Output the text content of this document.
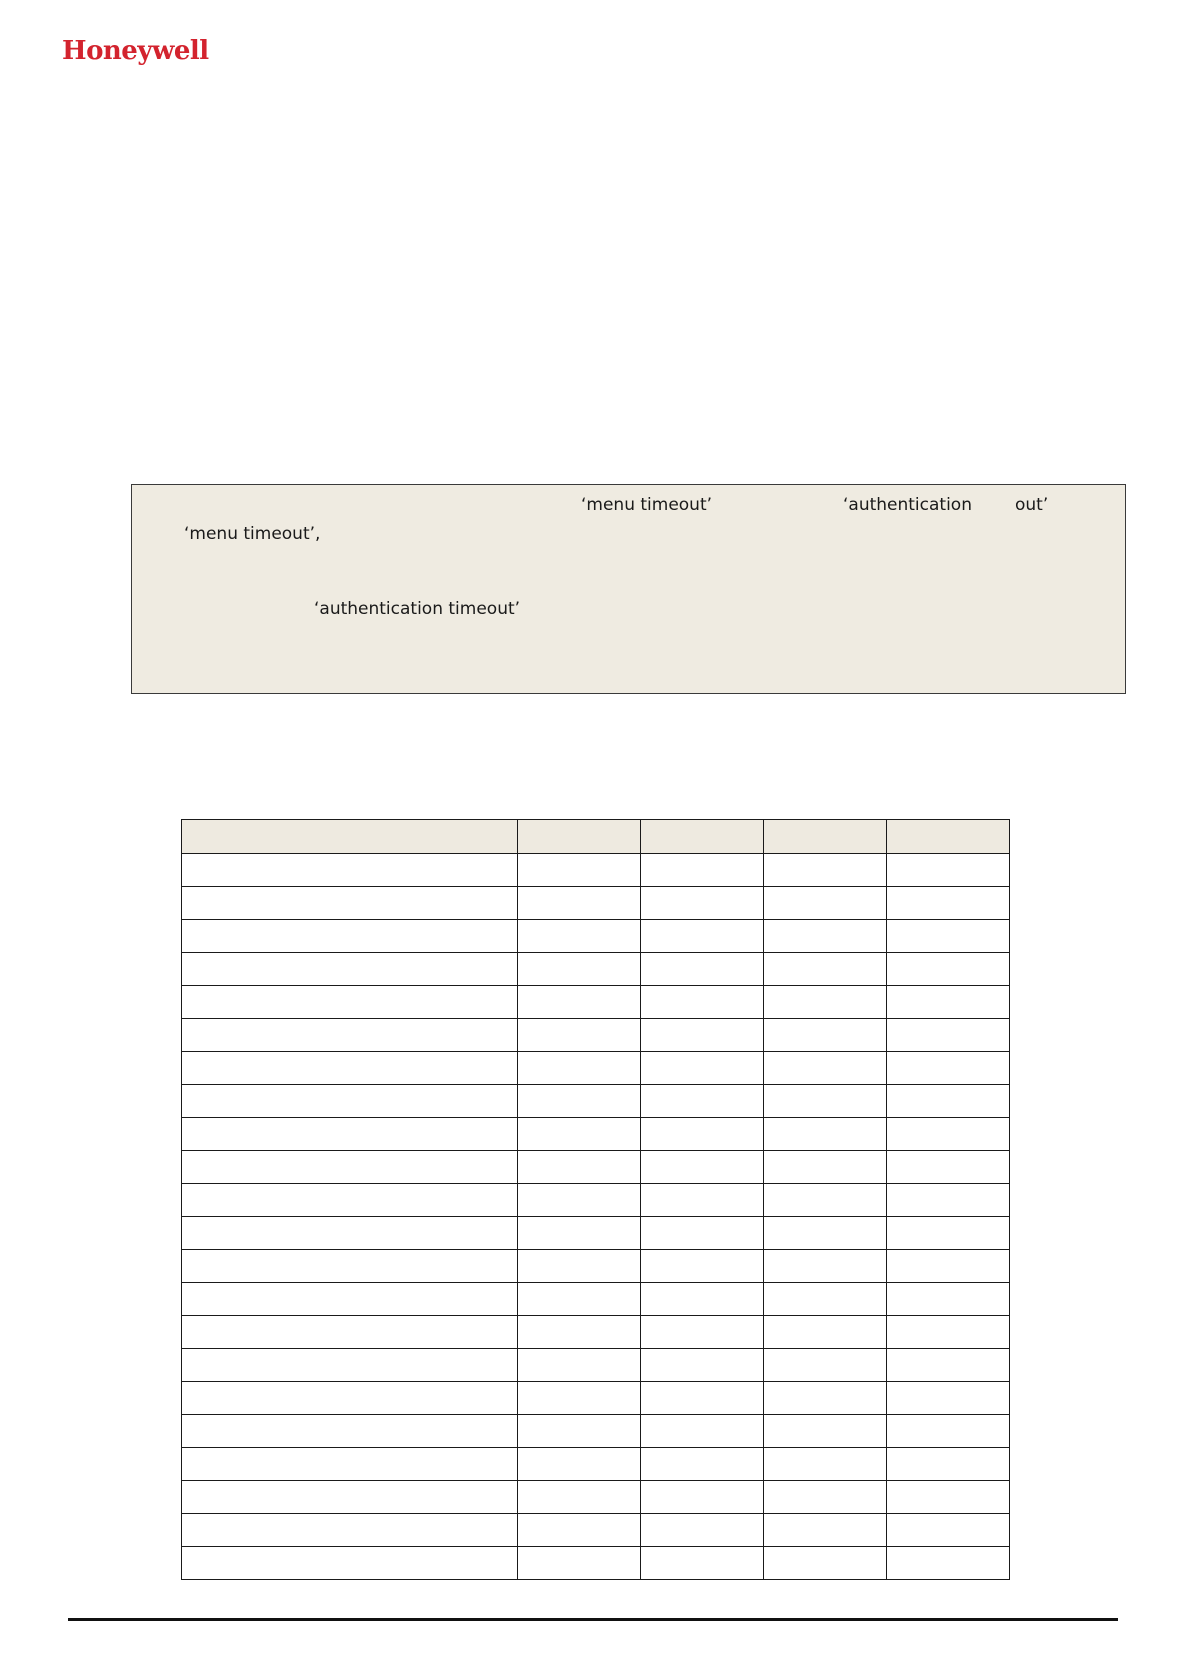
Honeywell
‘menu timeout’	‘authentication	out’
‘menu timeout’,
‘authentication timeout’
